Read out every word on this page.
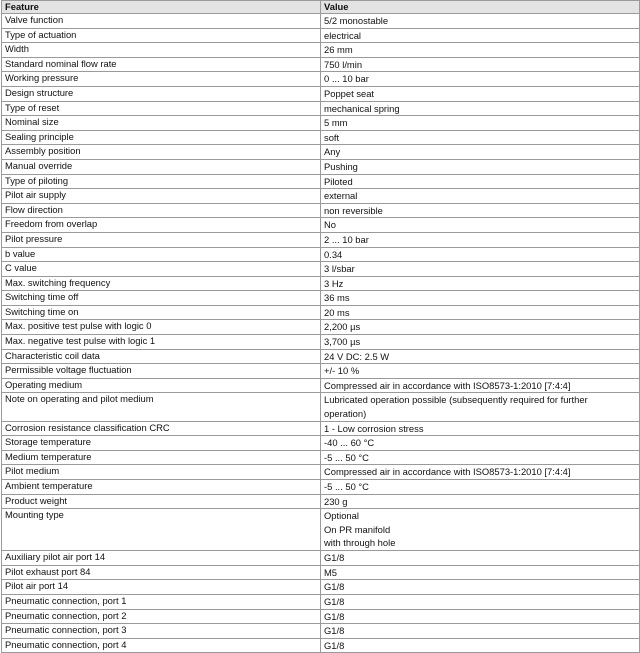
Feature	Value
Valve function	5/2 monostable

Type of actuation	electrical

Width	26 mm

Standard nominal flow rate	750 l/min

Working pressure	0 ... 10 bar

Design structure	Poppet seat

Type of reset	mechanical spring

Nominal size	5 mm

Sealing principle	soft

Assembly position	Any

Manual override	Pushing

Type of piloting	Piloted

Pilot air supply	external

Flow direction	non reversible

Freedom from overlap	No

Pilot pressure	2 ... 10 bar

b value	0.34

C value	3 l/sbar

Max. switching frequency	3 Hz

Switching time off	36 ms

Switching time on	20 ms

Max. positive test pulse with logic 0	2,200 µs

Max. negative test pulse with logic 1	3,700 µs

Characteristic coil data	24 V DC: 2.5 W

Permissible voltage fluctuation	+/- 10 %

Operating medium	Compressed air in accordance with ISO8573-1:2010 [7:4:4]

Note on operating and pilot medium	Lubricated operation possible (subsequently required for further
operation)

Corrosion resistance classification CRC	1 - Low corrosion stress

Storage temperature	-40 ... 60 °C

Medium temperature	-5 ... 50 °C

Pilot medium	Compressed air in accordance with ISO8573-1:2010 [7:4:4]

Ambient temperature	-5 ... 50 °C

Product weight	230 g

Mounting type	Optional
On PR manifold
with through hole

Auxiliary pilot air port 14	G1/8

Pilot exhaust port 84	M5

Pilot air port 14	G1/8

Pneumatic connection, port 1	G1/8

Pneumatic connection, port 2	G1/8

Pneumatic connection, port 3	G1/8

Pneumatic connection, port 4	G1/8
